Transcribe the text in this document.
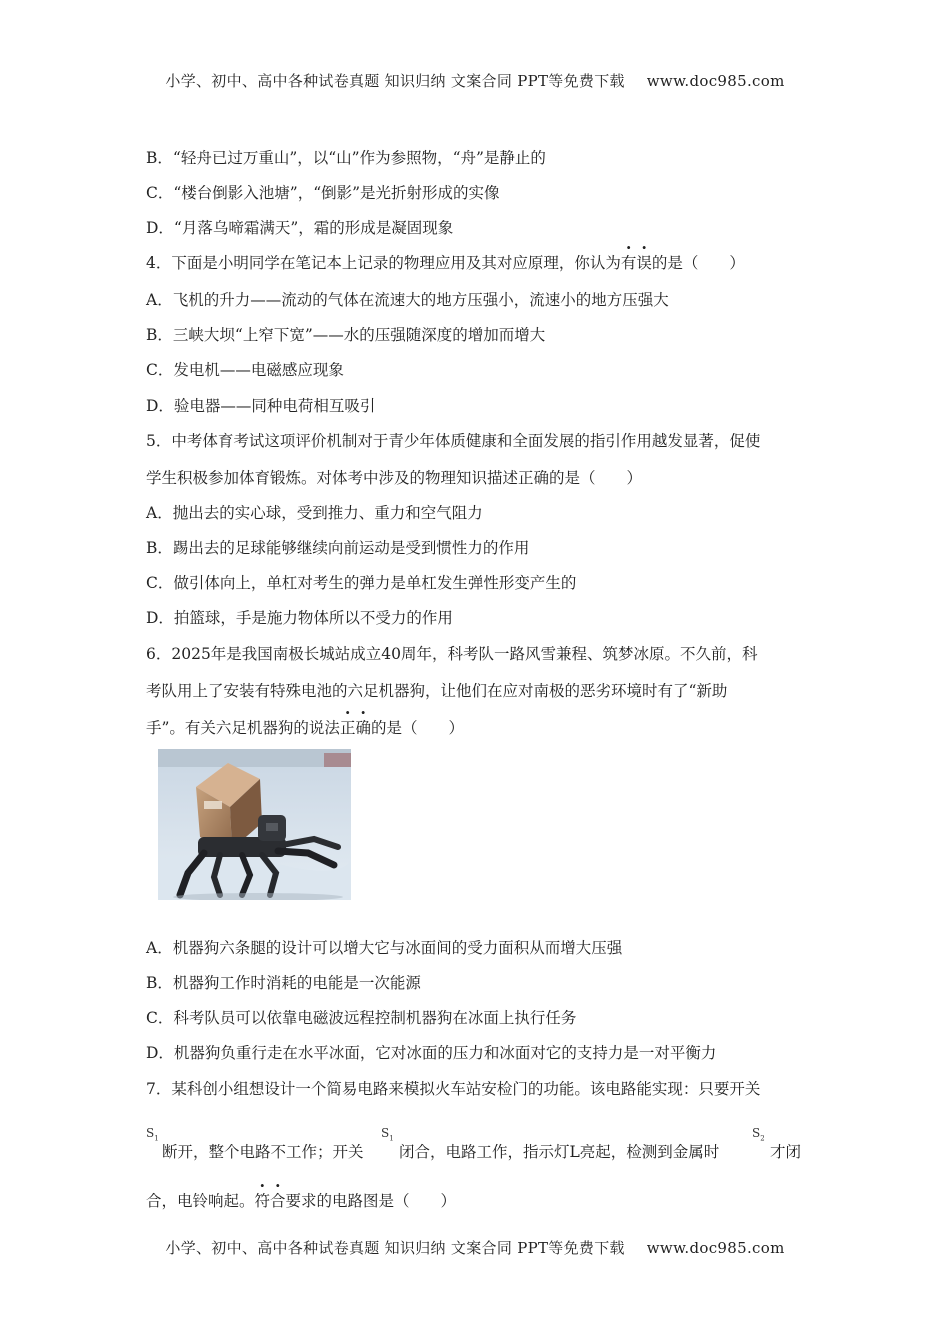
小学、初中、高中各种试卷真题 知识归纳 文案合同 PPT等免费下载 www.doc985.com
B．“轻舟已过万重山”，以“山”作为参照物，“舟”是静止的
C．“楼台倒影入池塘”，“倒影”是光折射形成的实像
D．“月落乌啼霜满天”，霜的形成是凝固现象
4．下面是小明同学在笔记本上记录的物理应用及其对应原理，你认为有误的是（　　）
A．飞机的升力——流动的气体在流速大的地方压强小，流速小的地方压强大
B．三峡大坝“上窄下宽”——水的压强随深度的增加而增大
C．发电机——电磁感应现象
D．验电器——同种电荷相互吸引
5．中考体育考试这项评价机制对于青少年体质健康和全面发展的指引作用越发显著，促使
学生积极参加体育锻炼。对体考中涉及的物理知识描述正确的是（　　）
A．抛出去的实心球，受到推力、重力和空气阻力
B．踢出去的足球能够继续向前运动是受到惯性力的作用
C．做引体向上，单杠对考生的弹力是单杠发生弹性形变产生的
D．拍篮球，手是施力物体所以不受力的作用
6．2025年是我国南极长城站成立40周年，科考队一路风雪兼程、筑梦冰原。不久前，科
考队用上了安装有特殊电池的六足机器狗，让他们在应对南极的恶劣环境时有了“新助
手”。有关六足机器狗的说法正确的是（　　）
A．机器狗六条腿的设计可以增大它与冰面间的受力面积从而增大压强
B．机器狗工作时消耗的电能是一次能源
C．科考队员可以依靠电磁波远程控制机器狗在冰面上执行任务
D．机器狗负重行走在水平冰面，它对冰面的压力和冰面对它的支持力是一对平衡力
7．某科创小组想设计一个简易电路来模拟火车站安检门的功能。该电路能实现：只要开关
$S_1$	$S_1$	$S_2$
断开，整个电路不工作；开关 闭合，电路工作，指示灯L亮起，检测到金属时	才闭
合，电铃响起。符合要求的电路图是（　　）
小学、初中、高中各种试卷真题 知识归纳 文案合同 PPT等免费下载 www.doc985.com
